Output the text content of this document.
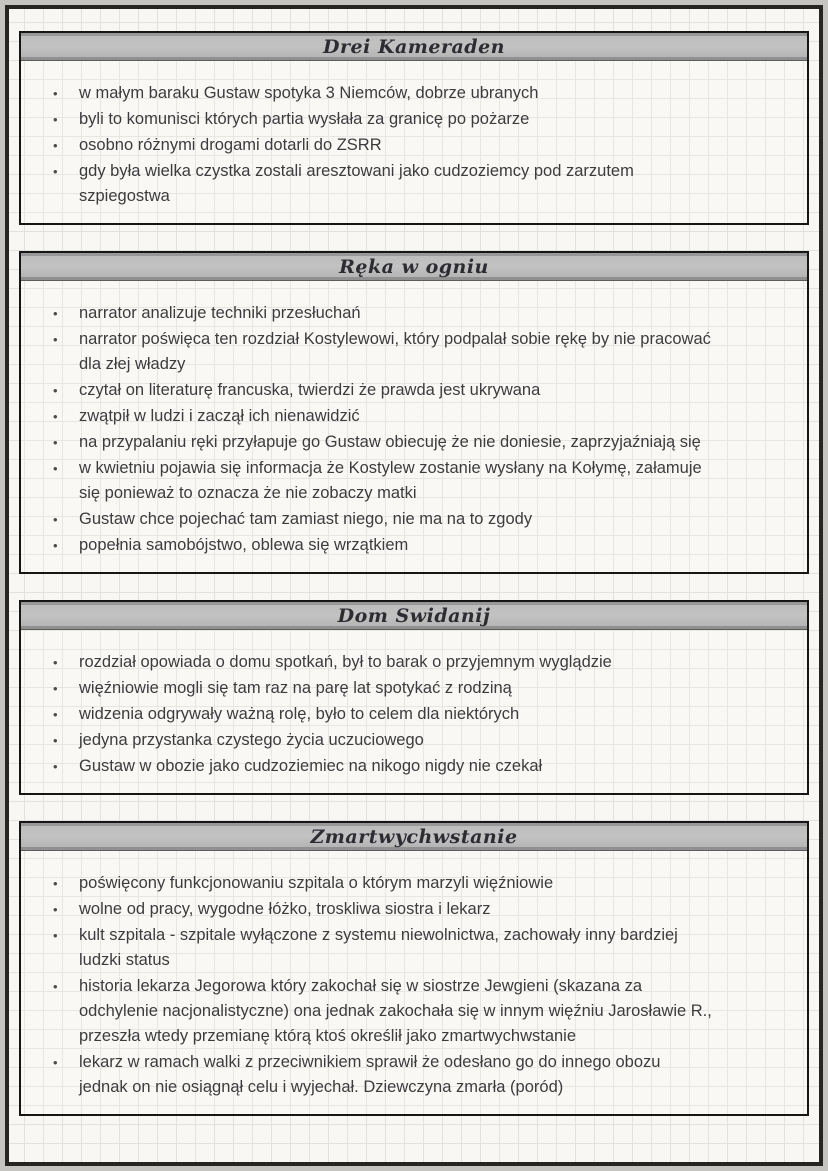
Drei Kameraden
• w małym baraku Gustaw spotyka 3 Niemców, dobrze ubranych
• byli to komunisci których partia wysłała za granicę po pożarze
• osobno różnymi drogami dotarli do ZSRR
• gdy była wielka czystka zostali aresztowani jako cudzoziemcy pod zarzutem szpiegostwa
Ręka w ogniu
• narrator analizuje techniki przesłuchań
• narrator poświęca ten rozdział Kostylewowi, który podpalał sobie rękę by nie pracować dla złej władzy
• czytał on literaturę francuska, twierdzi że prawda jest ukrywana
• zwątpił w ludzi i zaczął ich nienawidzić
• na przypalaniu ręki przyłapuje go Gustaw obiecuję że nie doniesie, zaprzyjaźniają się
• w kwietniu pojawia się informacja że Kostylew zostanie wysłany na Kołymę, załamuje się ponieważ to oznacza że nie zobaczy matki
• Gustaw chce pojechać tam zamiast niego, nie ma na to zgody
• popełnia samobójstwo, oblewa się wrzątkiem
Dom Swidanij
• rozdział opowiada o domu spotkań, był to barak o przyjemnym wyglądzie
• więźniowie mogli się tam raz na parę lat spotykać z rodziną
• widzenia odgrywały ważną rolę, było to celem dla niektórych
• jedyna przystanka czystego życia uczuciowego
• Gustaw w obozie jako cudzoziemiec na nikogo nigdy nie czekał
Zmartwychwstanie
• poświęcony funkcjonowaniu szpitala o którym marzyli więźniowie
• wolne od pracy, wygodne łóżko, troskliwa siostra i lekarz
• kult szpitala - szpitale wyłączone z systemu niewolnictwa, zachowały inny bardziej ludzki status
• historia lekarza Jegorowa który zakochał się w siostrze Jewgieni (skazana za odchylenie nacjonalistyczne) ona jednak zakochała się w innym więźniu Jarosławie R., przeszła wtedy przemianę którą ktoś określił jako zmartwychwstanie
• lekarz w ramach walki z przeciwnikiem sprawił że odesłano go do innego obozu jednak on nie osiągnął celu i wyjechał. Dziewczyna zmarła (poród)
